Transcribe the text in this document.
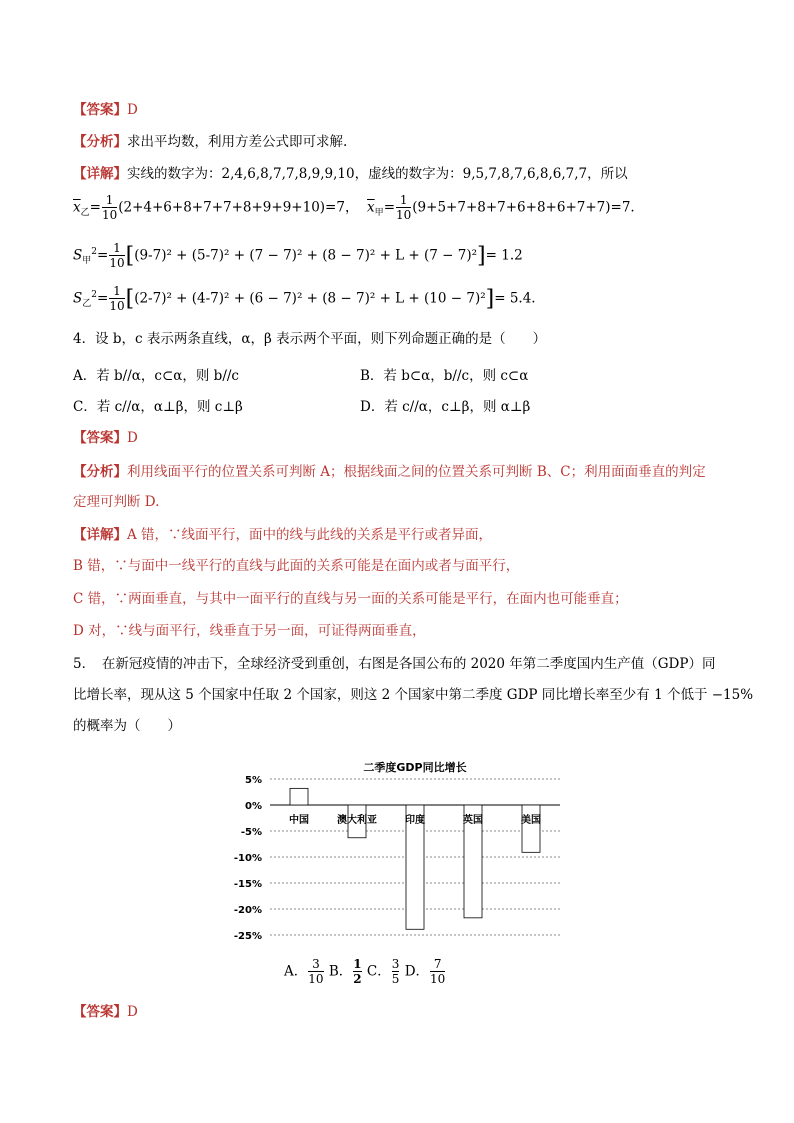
【答案】D
【分析】求出平均数，利用方差公式即可求解.
【详解】实线的数字为：2,4,6,8,7,7,8,9,9,10，虚线的数字为：9,5,7,8,7,6,8,6,7,7，所以
$\overline{x}_乙= \frac{1}{10} (2+4+6+8+7+7+8+9+9+10)=7$，  $\overline{x}_甲= \frac{1}{10} (9+5+7+8+7+6+8+6+7+7)=7$.
$S_甲^2= \frac{1}{10} [(9-7)^2 + (5-7)^2 + (7 - 7)^2 + (8 - 7)^2 + L + (7 - 7)^2]= 1.2$
$S_乙^2= \frac{1}{10} [(2-7)^2 + (4-7)^2 + (6 - 7)^2 + (8 - 7)^2 + L + (10 - 7)^2]= 5.4$.
4．设 b，c 表示两条直线，α，β 表示两个平面，则下列命题正确的是（　　）
A．若 b//α，c⊂α，则 b//c	B．若 b⊂α，b//c，则 c⊂α
C．若 c//α，α⊥β，则 c⊥β	D．若 c//α，c⊥β，则 α⊥β
【答案】D
【分析】利用线面平行的位置关系可判断 A；根据线面之间的位置关系可判断 B、C；利用面面垂直的判定
定理可判断 D.
【详解】A 错，∵线面平行，面中的线与此线的关系是平行或者异面，
B 错，∵与面中一线平行的直线与此面的关系可能是在面内或者与面平行，
C 错，∵两面垂直，与其中一面平行的直线与另一面的关系可能是平行，在面内也可能垂直；
D 对，∵线与面平行，线垂直于另一面，可证得两面垂直，
5．　在新冠疫情的冲击下，全球经济受到重创，右图是各国公布的 2020 年第二季度国内生产值（GDP）同
比增长率，现从这 5 个国家中任取 2 个国家，则这 2 个国家中第二季度 GDP 同比增长率至少有 1 个低于 −15%
的概率为（　　）
二季度GDP同比增长
5%
0%
-5%
-10%
-15%
-20%
-25%
中国	澳大利亚	印度	英国	美国
A． $\frac{3}{10}$ B． $\frac{1}{2}$ C． $\frac{3}{5}$ D． $\frac{7}{10}$
【答案】D
